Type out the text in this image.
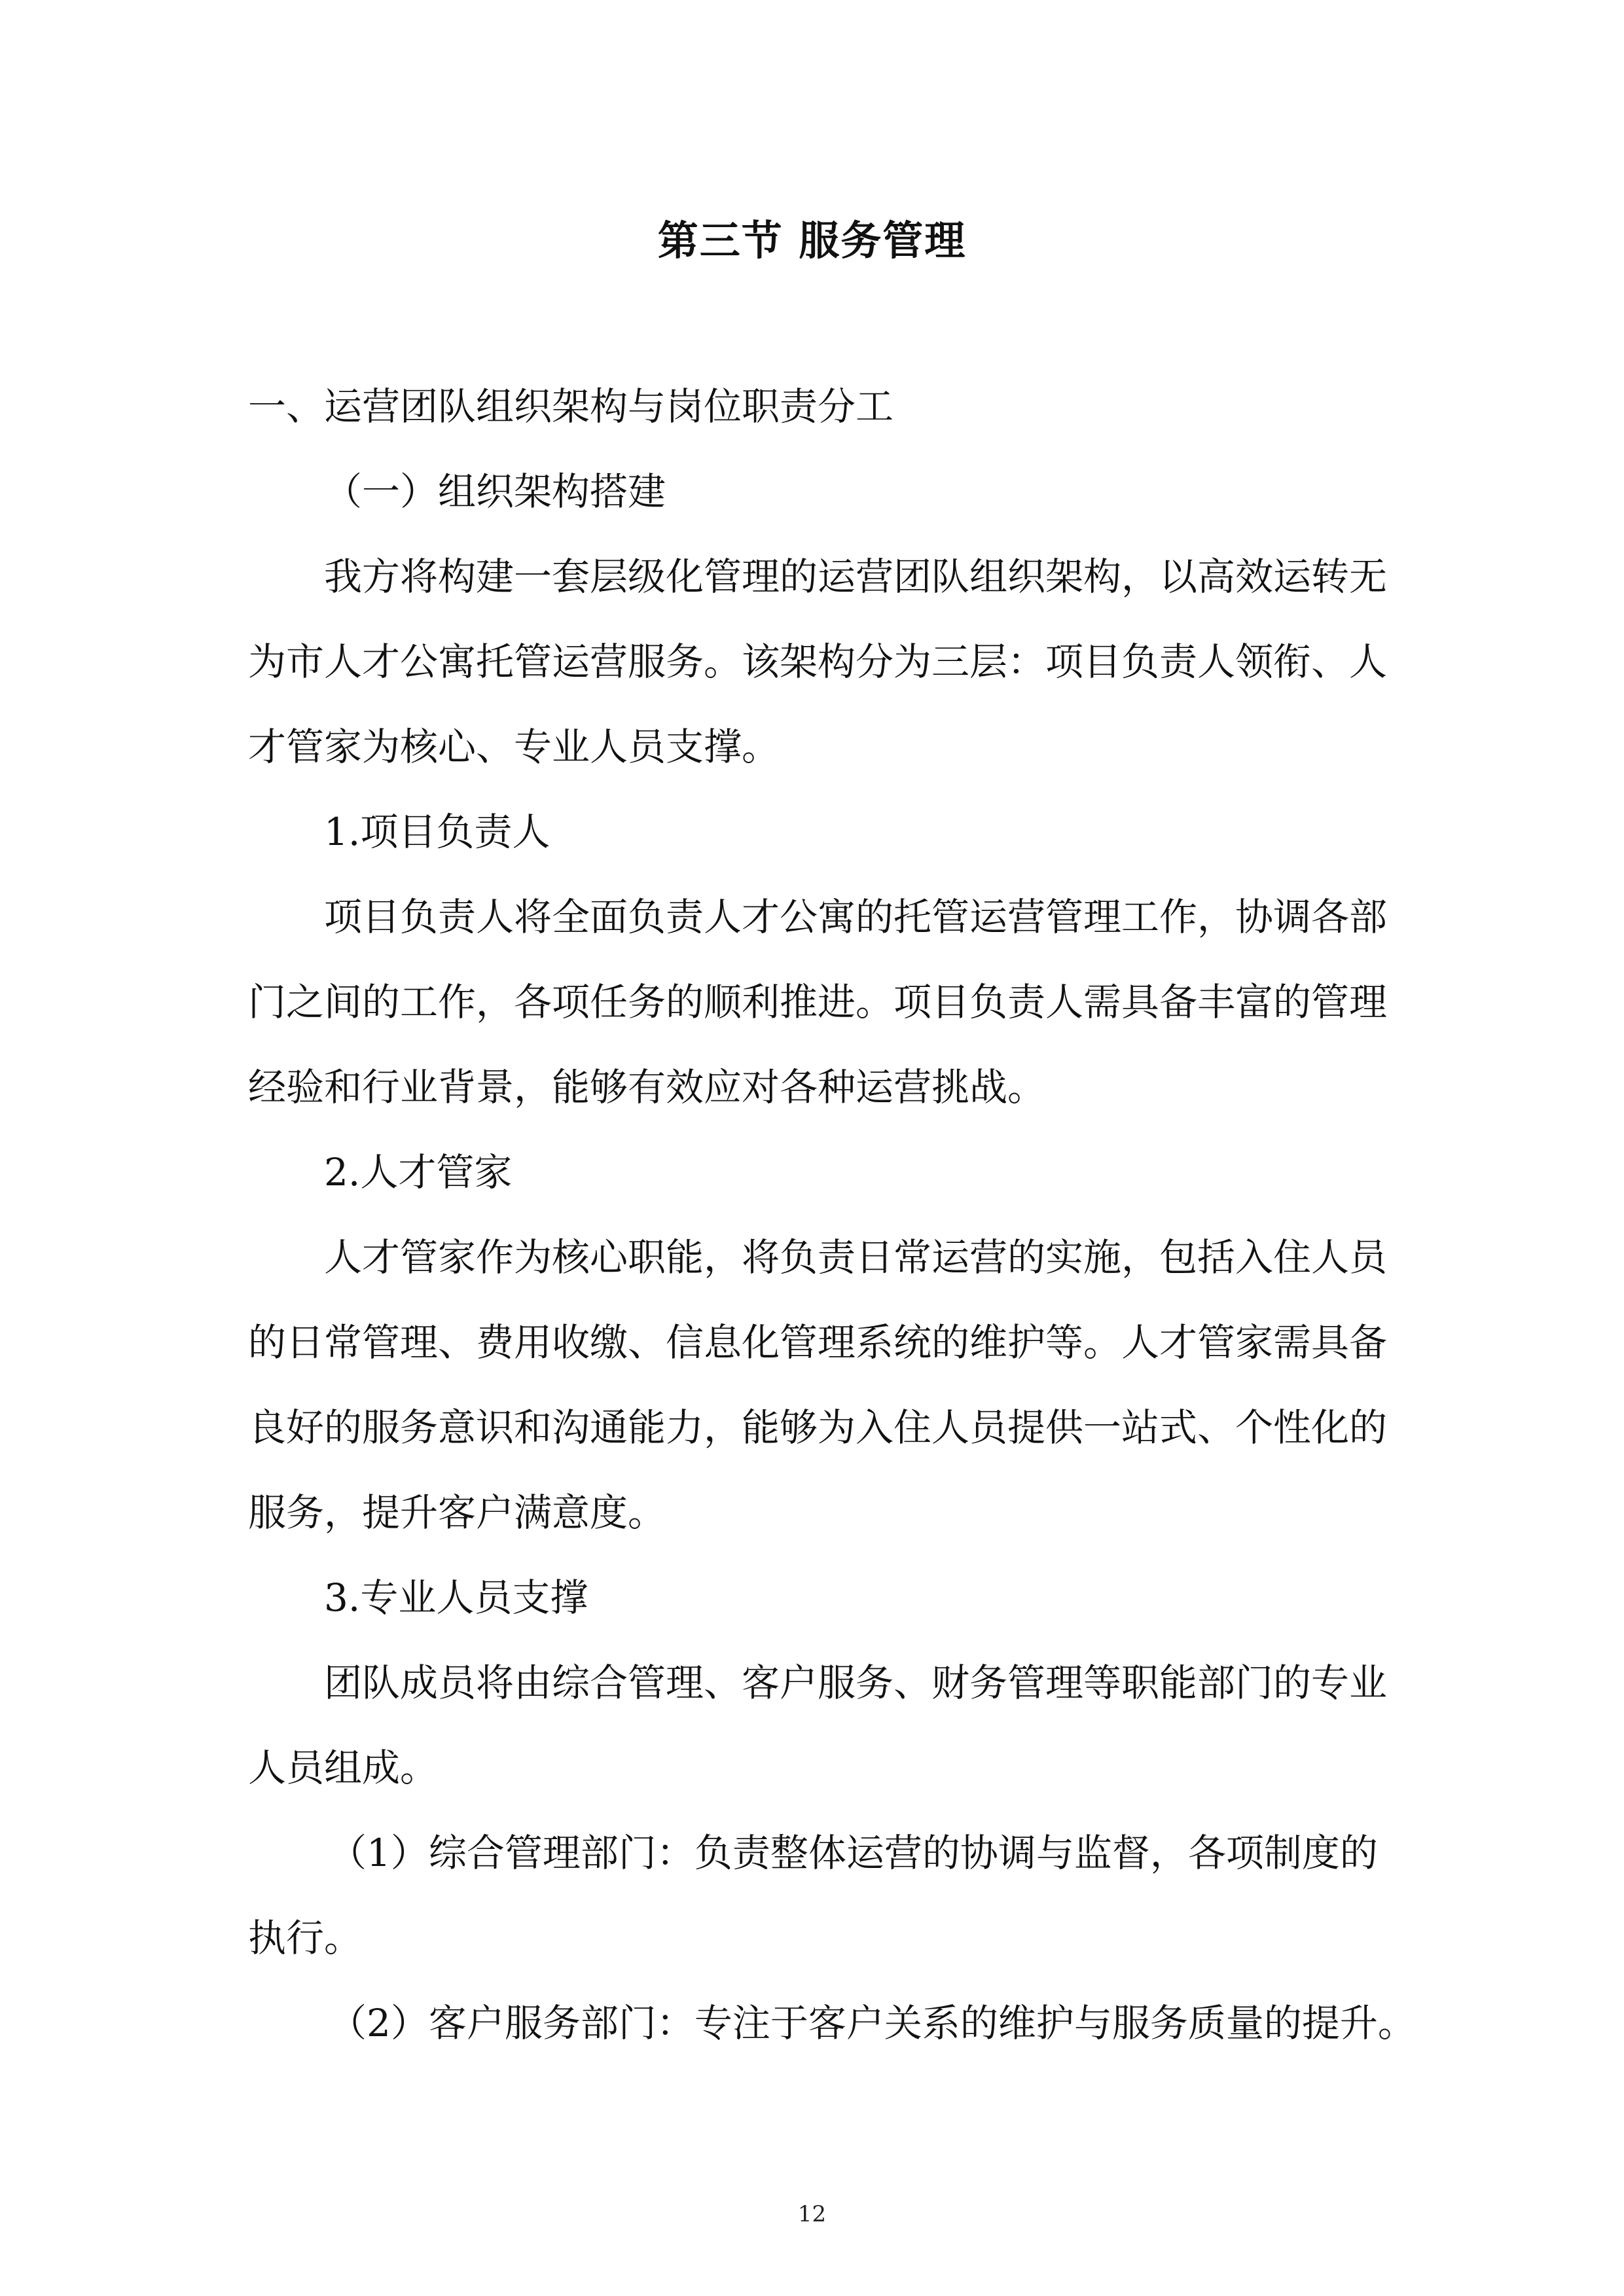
第三节 服务管理
一、运营团队组织架构与岗位职责分工
（一）组织架构搭建
我方将构建一套层级化管理的运营团队组织架构，以高效运转无
为市人才公寓托管运营服务。该架构分为三层：项目负责人领衔、人
才管家为核心、专业人员支撑。
1.项目负责人
项目负责人将全面负责人才公寓的托管运营管理工作，协调各部
门之间的工作，各项任务的顺利推进。项目负责人需具备丰富的管理
经验和行业背景，能够有效应对各种运营挑战。
2.人才管家
人才管家作为核心职能，将负责日常运营的实施，包括入住人员
的日常管理、费用收缴、信息化管理系统的维护等。人才管家需具备
良好的服务意识和沟通能力，能够为入住人员提供一站式、个性化的
服务，提升客户满意度。
3.专业人员支撑
团队成员将由综合管理、客户服务、财务管理等职能部门的专业
人员组成。
（1）综合管理部门：负责整体运营的协调与监督，各项制度的
执行。
（2）客户服务部门：专注于客户关系的维护与服务质量的提升。
12
